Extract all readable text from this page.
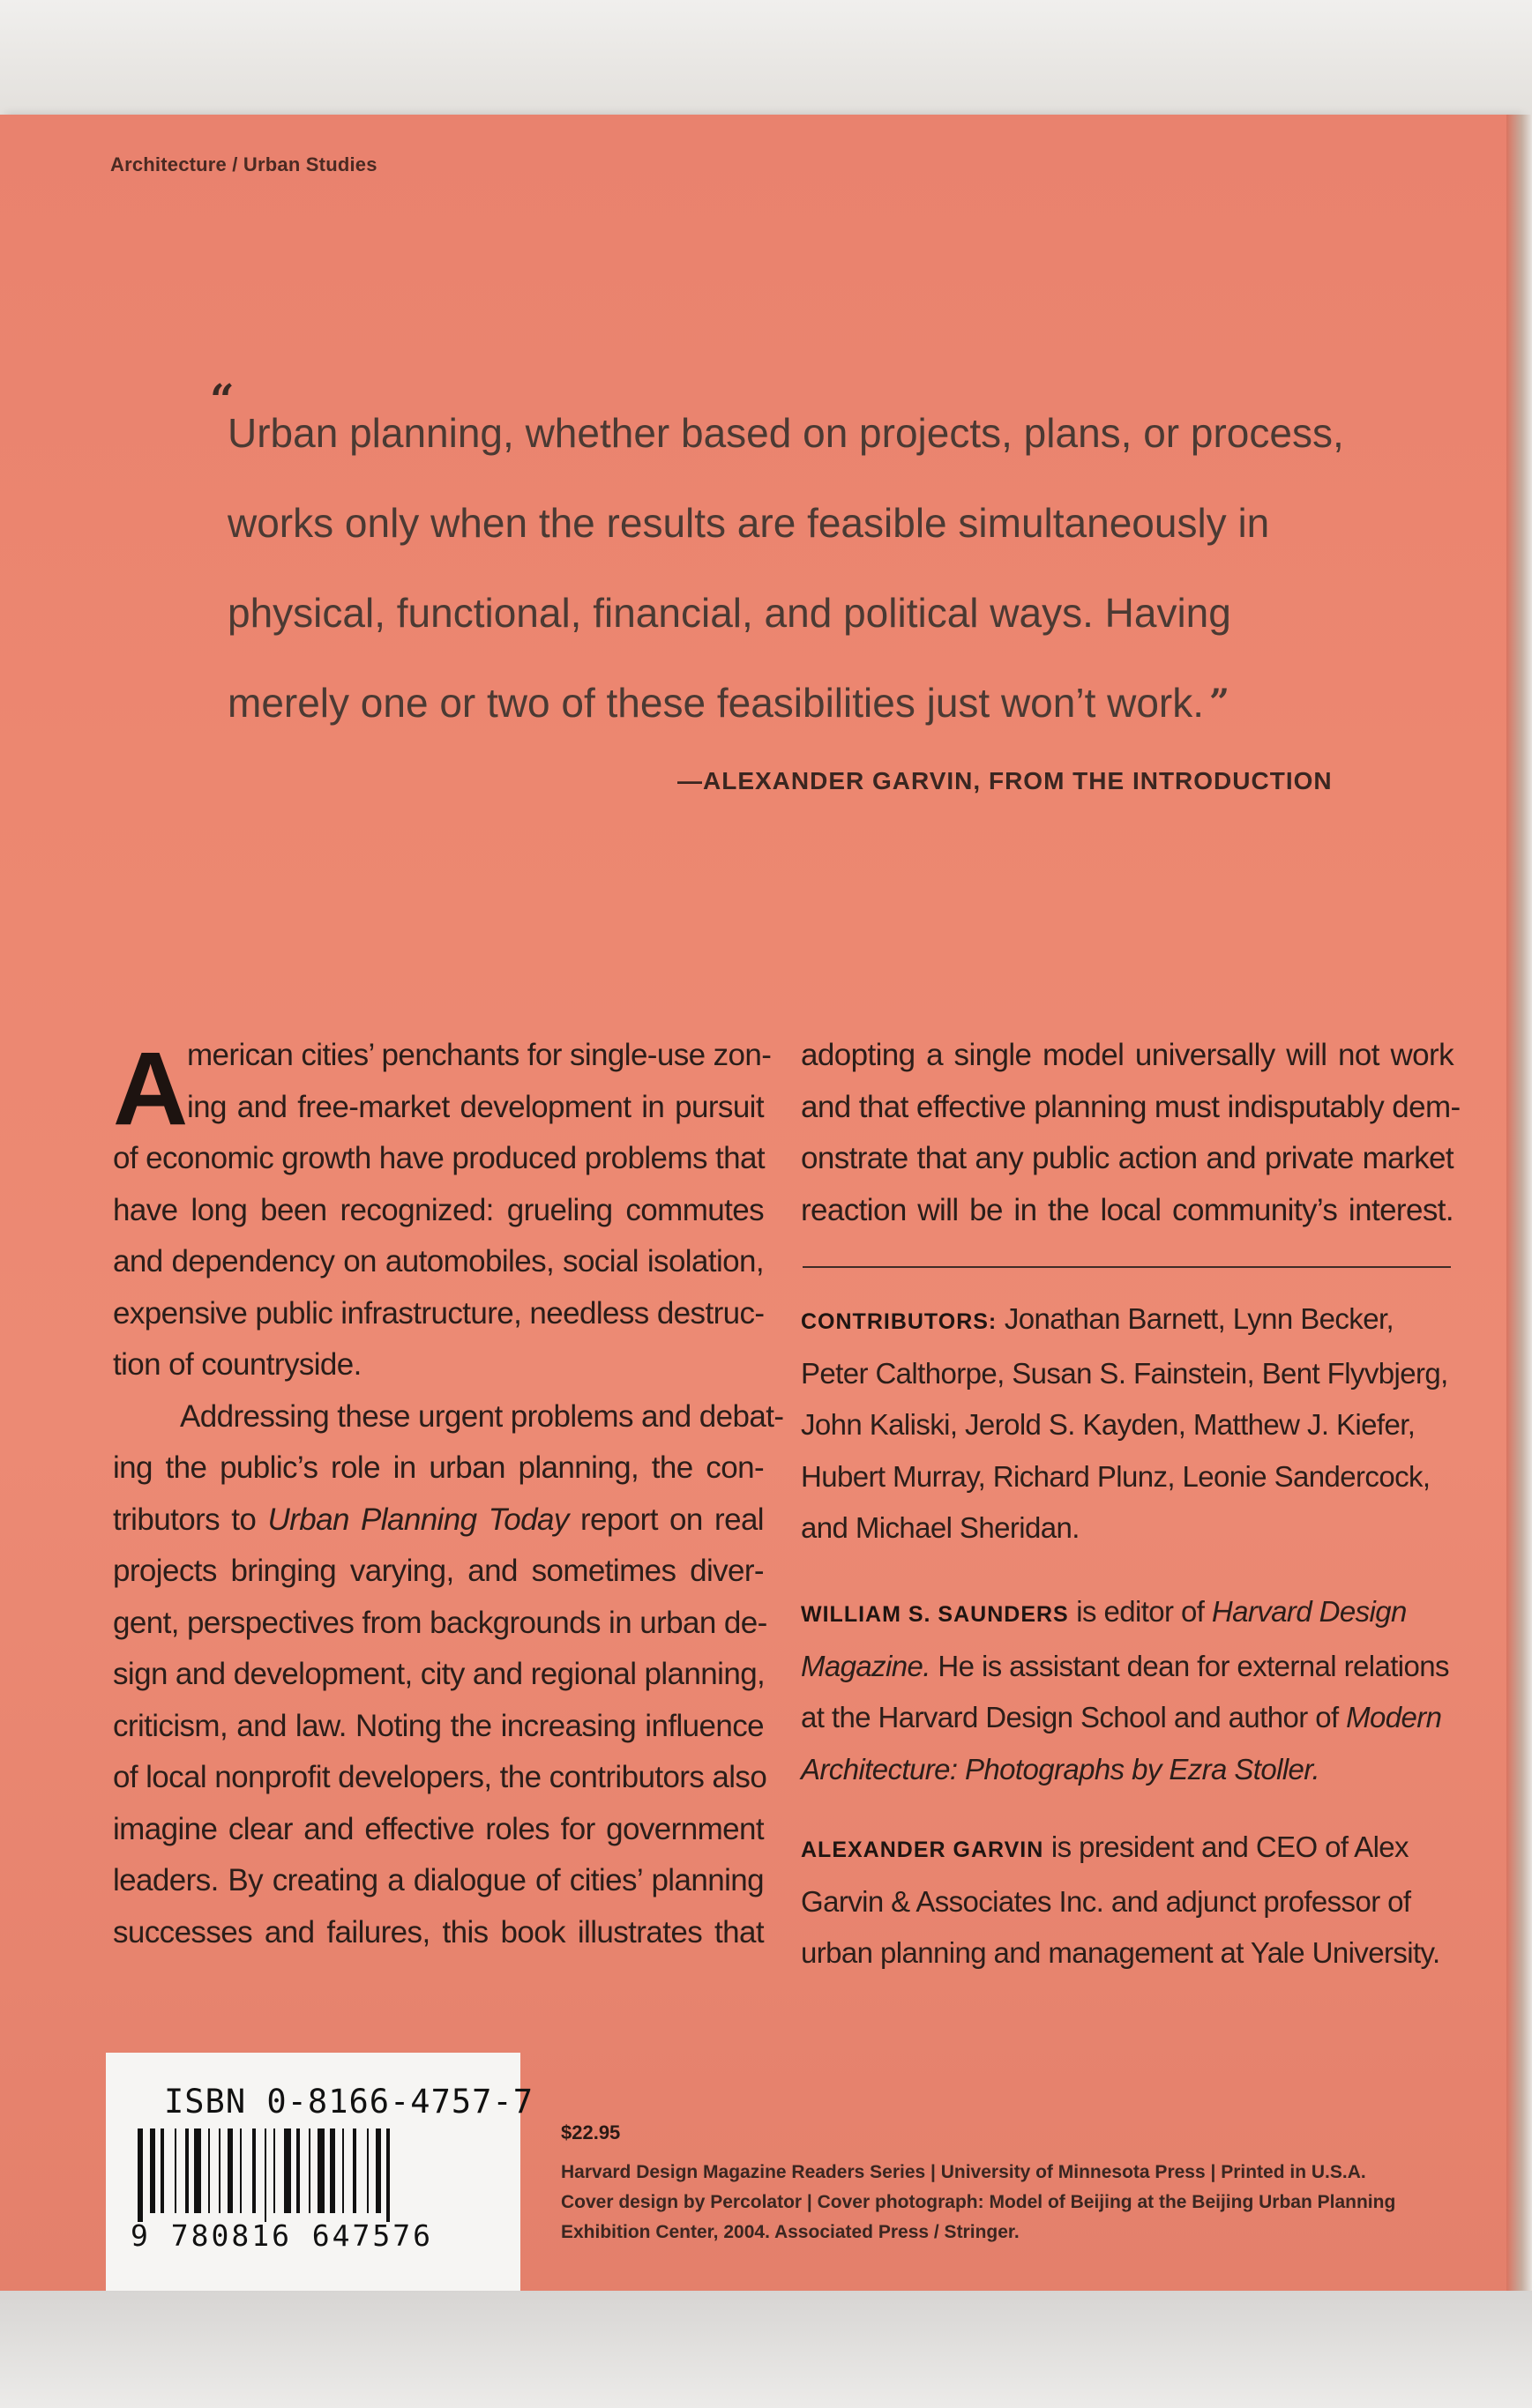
Architecture / Urban Studies
“
Urban planning, whether based on projects, plans, or process,
works only when the results are feasible simultaneously in
physical, functional, financial, and political ways. Having
merely one or two of these feasibilities just won’t work. ”
—ALEXANDER GARVIN, FROM THE INTRODUCTION
A merican cities’ penchants for single-use zon-
ing and free-market development in pursuit
of economic growth have produced problems that
have long been recognized: grueling commutes
and dependency on automobiles, social isolation,
expensive public infrastructure, needless destruc-
tion of countryside.
Addressing these urgent problems and debat-
ing the public’s role in urban planning, the con-
tributors to Urban Planning Today report on real
projects bringing varying, and sometimes diver-
gent, perspectives from backgrounds in urban de-
sign and development, city and regional planning,
criticism, and law. Noting the increasing influence
of local nonprofit developers, the contributors also
imagine clear and effective roles for government
leaders. By creating a dialogue of cities’ planning
successes and failures, this book illustrates that
adopting a single model universally will not work
and that effective planning must indisputably dem-
onstrate that any public action and private market
reaction will be in the local community’s interest.
CONTRIBUTORS: Jonathan Barnett, Lynn Becker,
Peter Calthorpe, Susan S. Fainstein, Bent Flyvbjerg,
John Kaliski, Jerold S. Kayden, Matthew J. Kiefer,
Hubert Murray, Richard Plunz, Leonie Sandercock,
and Michael Sheridan.
WILLIAM S. SAUNDERS is editor of Harvard Design
Magazine. He is assistant dean for external relations
at the Harvard Design School and author of Modern
Architecture: Photographs by Ezra Stoller.
ALEXANDER GARVIN is president and CEO of Alex
Garvin & Associates Inc. and adjunct professor of
urban planning and management at Yale University.
ISBN 0-8166-4757-7
9 780816 647576
$22.95
Harvard Design Magazine Readers Series | University of Minnesota Press | Printed in U.S.A.
Cover design by Percolator | Cover photograph: Model of Beijing at the Beijing Urban Planning
Exhibition Center, 2004. Associated Press / Stringer.
